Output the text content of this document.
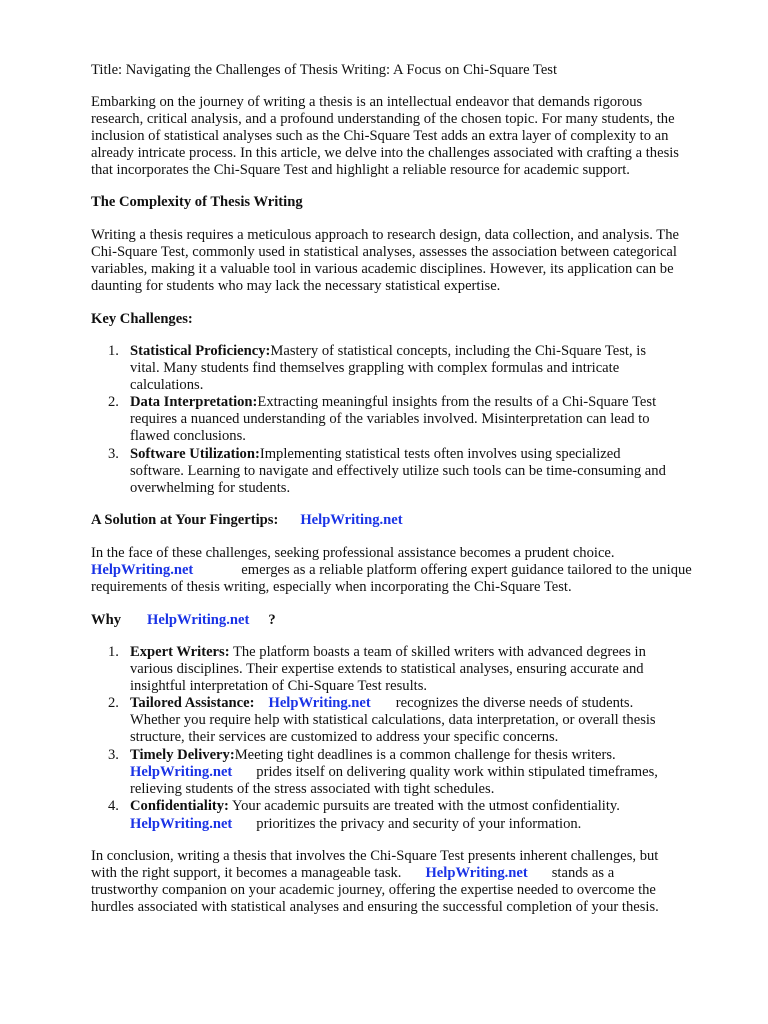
Title: Navigating the Challenges of Thesis Writing: A Focus on Chi-Square Test
Embarking on the journey of writing a thesis is an intellectual endeavor that demands rigorous
research, critical analysis, and a profound understanding of the chosen topic. For many students, the
inclusion of statistical analyses such as the Chi-Square Test adds an extra layer of complexity to an
already intricate process. In this article, we delve into the challenges associated with crafting a thesis
that incorporates the Chi-Square Test and highlight a reliable resource for academic support.
The Complexity of Thesis Writing
Writing a thesis requires a meticulous approach to research design, data collection, and analysis. The
Chi-Square Test, commonly used in statistical analyses, assesses the association between categorical
variables, making it a valuable tool in various academic disciplines. However, its application can be
daunting for students who may lack the necessary statistical expertise.
Key Challenges:
1. Statistical Proficiency:Mastery of statistical concepts, including the Chi-Square Test, is
vital. Many students find themselves grappling with complex formulas and intricate
calculations.
2. Data Interpretation:Extracting meaningful insights from the results of a Chi-Square Test
requires a nuanced understanding of the variables involved. Misinterpretation can lead to
flawed conclusions.
3. Software Utilization:Implementing statistical tests often involves using specialized
software. Learning to navigate and effectively utilize such tools can be time-consuming and
overwhelming for students.
A Solution at Your Fingertips: HelpWriting.net
In the face of these challenges, seeking professional assistance becomes a prudent choice.
HelpWriting.net	emerges as a reliable platform offering expert guidance tailored to the unique
requirements of thesis writing, especially when incorporating the Chi-Square Test.
Why HelpWriting.net ?
1. Expert Writers: The platform boasts a team of skilled writers with advanced degrees in
various disciplines. Their expertise extends to statistical analyses, ensuring accurate and
insightful interpretation of Chi-Square Test results.
2. Tailored Assistance: HelpWriting.net recognizes the diverse needs of students.
Whether you require help with statistical calculations, data interpretation, or overall thesis
structure, their services are customized to address your specific concerns.
3. Timely Delivery:Meeting tight deadlines is a common challenge for thesis writers.
HelpWriting.net prides itself on delivering quality work within stipulated timeframes,
relieving students of the stress associated with tight schedules.
4. Confidentiality: Your academic pursuits are treated with the utmost confidentiality.
HelpWriting.net prioritizes the privacy and security of your information.
In conclusion, writing a thesis that involves the Chi-Square Test presents inherent challenges, but
with the right support, it becomes a manageable task. HelpWriting.net stands as a
trustworthy companion on your academic journey, offering the expertise needed to overcome the
hurdles associated with statistical analyses and ensuring the successful completion of your thesis.
